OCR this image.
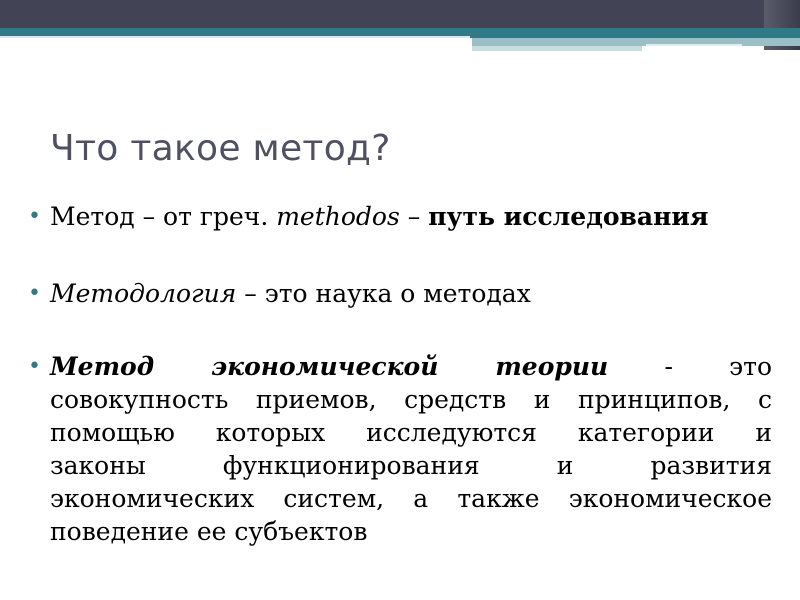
Что такое метод?
• Метод – от греч. methodos – путь исследования
• Методология – это наука о методах
• Метод экономической теории - это
совокупность приемов, средств и принципов, с
помощью которых исследуются категории и
законы функционирования и развития
экономических систем, а также экономическое
поведение ее субъектов
